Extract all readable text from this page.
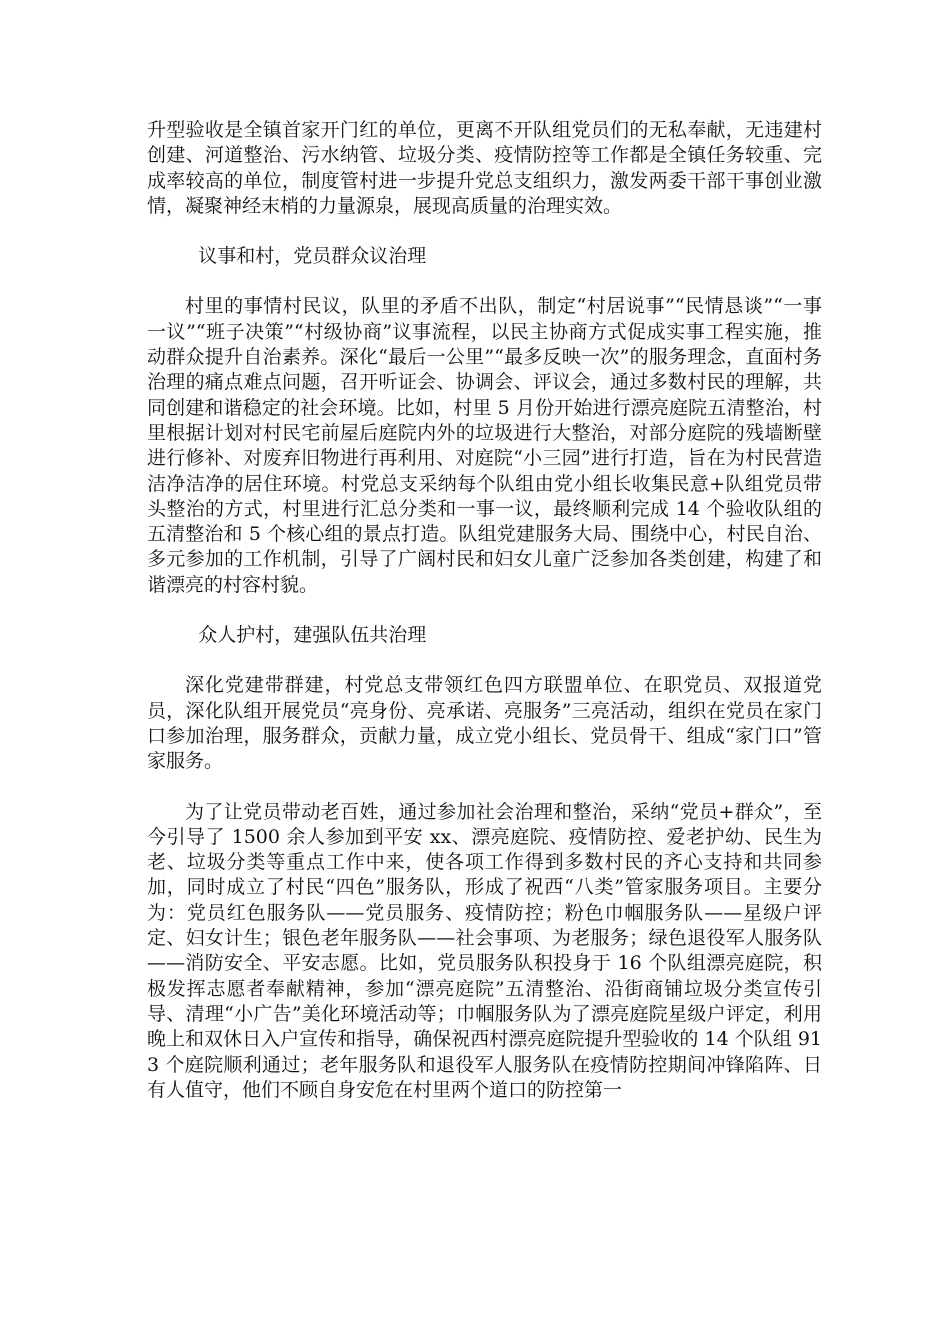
升型验收是全镇首家开门红的单位，更离不开队组党员们的无私奉献，无违建村创建、河道整治、污水纳管、垃圾分类、疫情防控等工作都是全镇任务较重、完成率较高的单位，制度管村进一步提升党总支组织力，激发两委干部干事创业激情，凝聚神经末梢的力量源泉，展现高质量的治理实效。

议事和村，党员群众议治理

村里的事情村民议，队里的矛盾不出队，制定“村居说事”“民情恳谈”“一事一议”“班子决策”“村级协商”议事流程，以民主协商方式促成实事工程实施，推动群众提升自治素养。深化“最后一公里”“最多反映一次”的服务理念，直面村务治理的痛点难点问题，召开听证会、协调会、评议会，通过多数村民的理解，共同创建和谐稳定的社会环境。比如，村里 5 月份开始进行漂亮庭院五清整治，村里根据计划对村民宅前屋后庭院内外的垃圾进行大整治，对部分庭院的残墙断壁进行修补、对废弃旧物进行再利用、对庭院“小三园”进行打造，旨在为村民营造洁净洁净的居住环境。村党总支采纳每个队组由党小组长收集民意+队组党员带头整治的方式，村里进行汇总分类和一事一议，最终顺利完成 14 个验收队组的五清整治和 5 个核心组的景点打造。队组党建服务大局、围绕中心，村民自治、多元参加的工作机制，引导了广阔村民和妇女儿童广泛参加各类创建，构建了和谐漂亮的村容村貌。

众人护村，建强队伍共治理

深化党建带群建，村党总支带领红色四方联盟单位、在职党员、双报道党员，深化队组开展党员“亮身份、亮承诺、亮服务”三亮活动，组织在党员在家门口参加治理，服务群众，贡献力量，成立党小组长、党员骨干、组成“家门口”管家服务。

为了让党员带动老百姓，通过参加社会治理和整治，采纳“党员+群众”，至今引导了 1500 余人参加到平安 xx、漂亮庭院、疫情防控、爱老护幼、民生为老、垃圾分类等重点工作中来，使各项工作得到多数村民的齐心支持和共同参加，同时成立了村民“四色”服务队，形成了祝西“八类”管家服务项目。主要分为：党员红色服务队——党员服务、疫情防控；粉色巾帼服务队——星级户评定、妇女计生；银色老年服务队——社会事项、为老服务；绿色退役军人服务队——消防安全、平安志愿。比如，党员服务队积投身于 16 个队组漂亮庭院，积极发挥志愿者奉献精神，参加“漂亮庭院”五清整治、沿街商铺垃圾分类宣传引导、清理“小广告”美化环境活动等；巾帼服务队为了漂亮庭院星级户评定，利用晚上和双休日入户宣传和指导，确保祝西村漂亮庭院提升型验收的 14 个队组 913 个庭院顺利通过；老年服务队和退役军人服务队在疫情防控期间冲锋陷阵、日有人值守，他们不顾自身安危在村里两个道口的防控第一
